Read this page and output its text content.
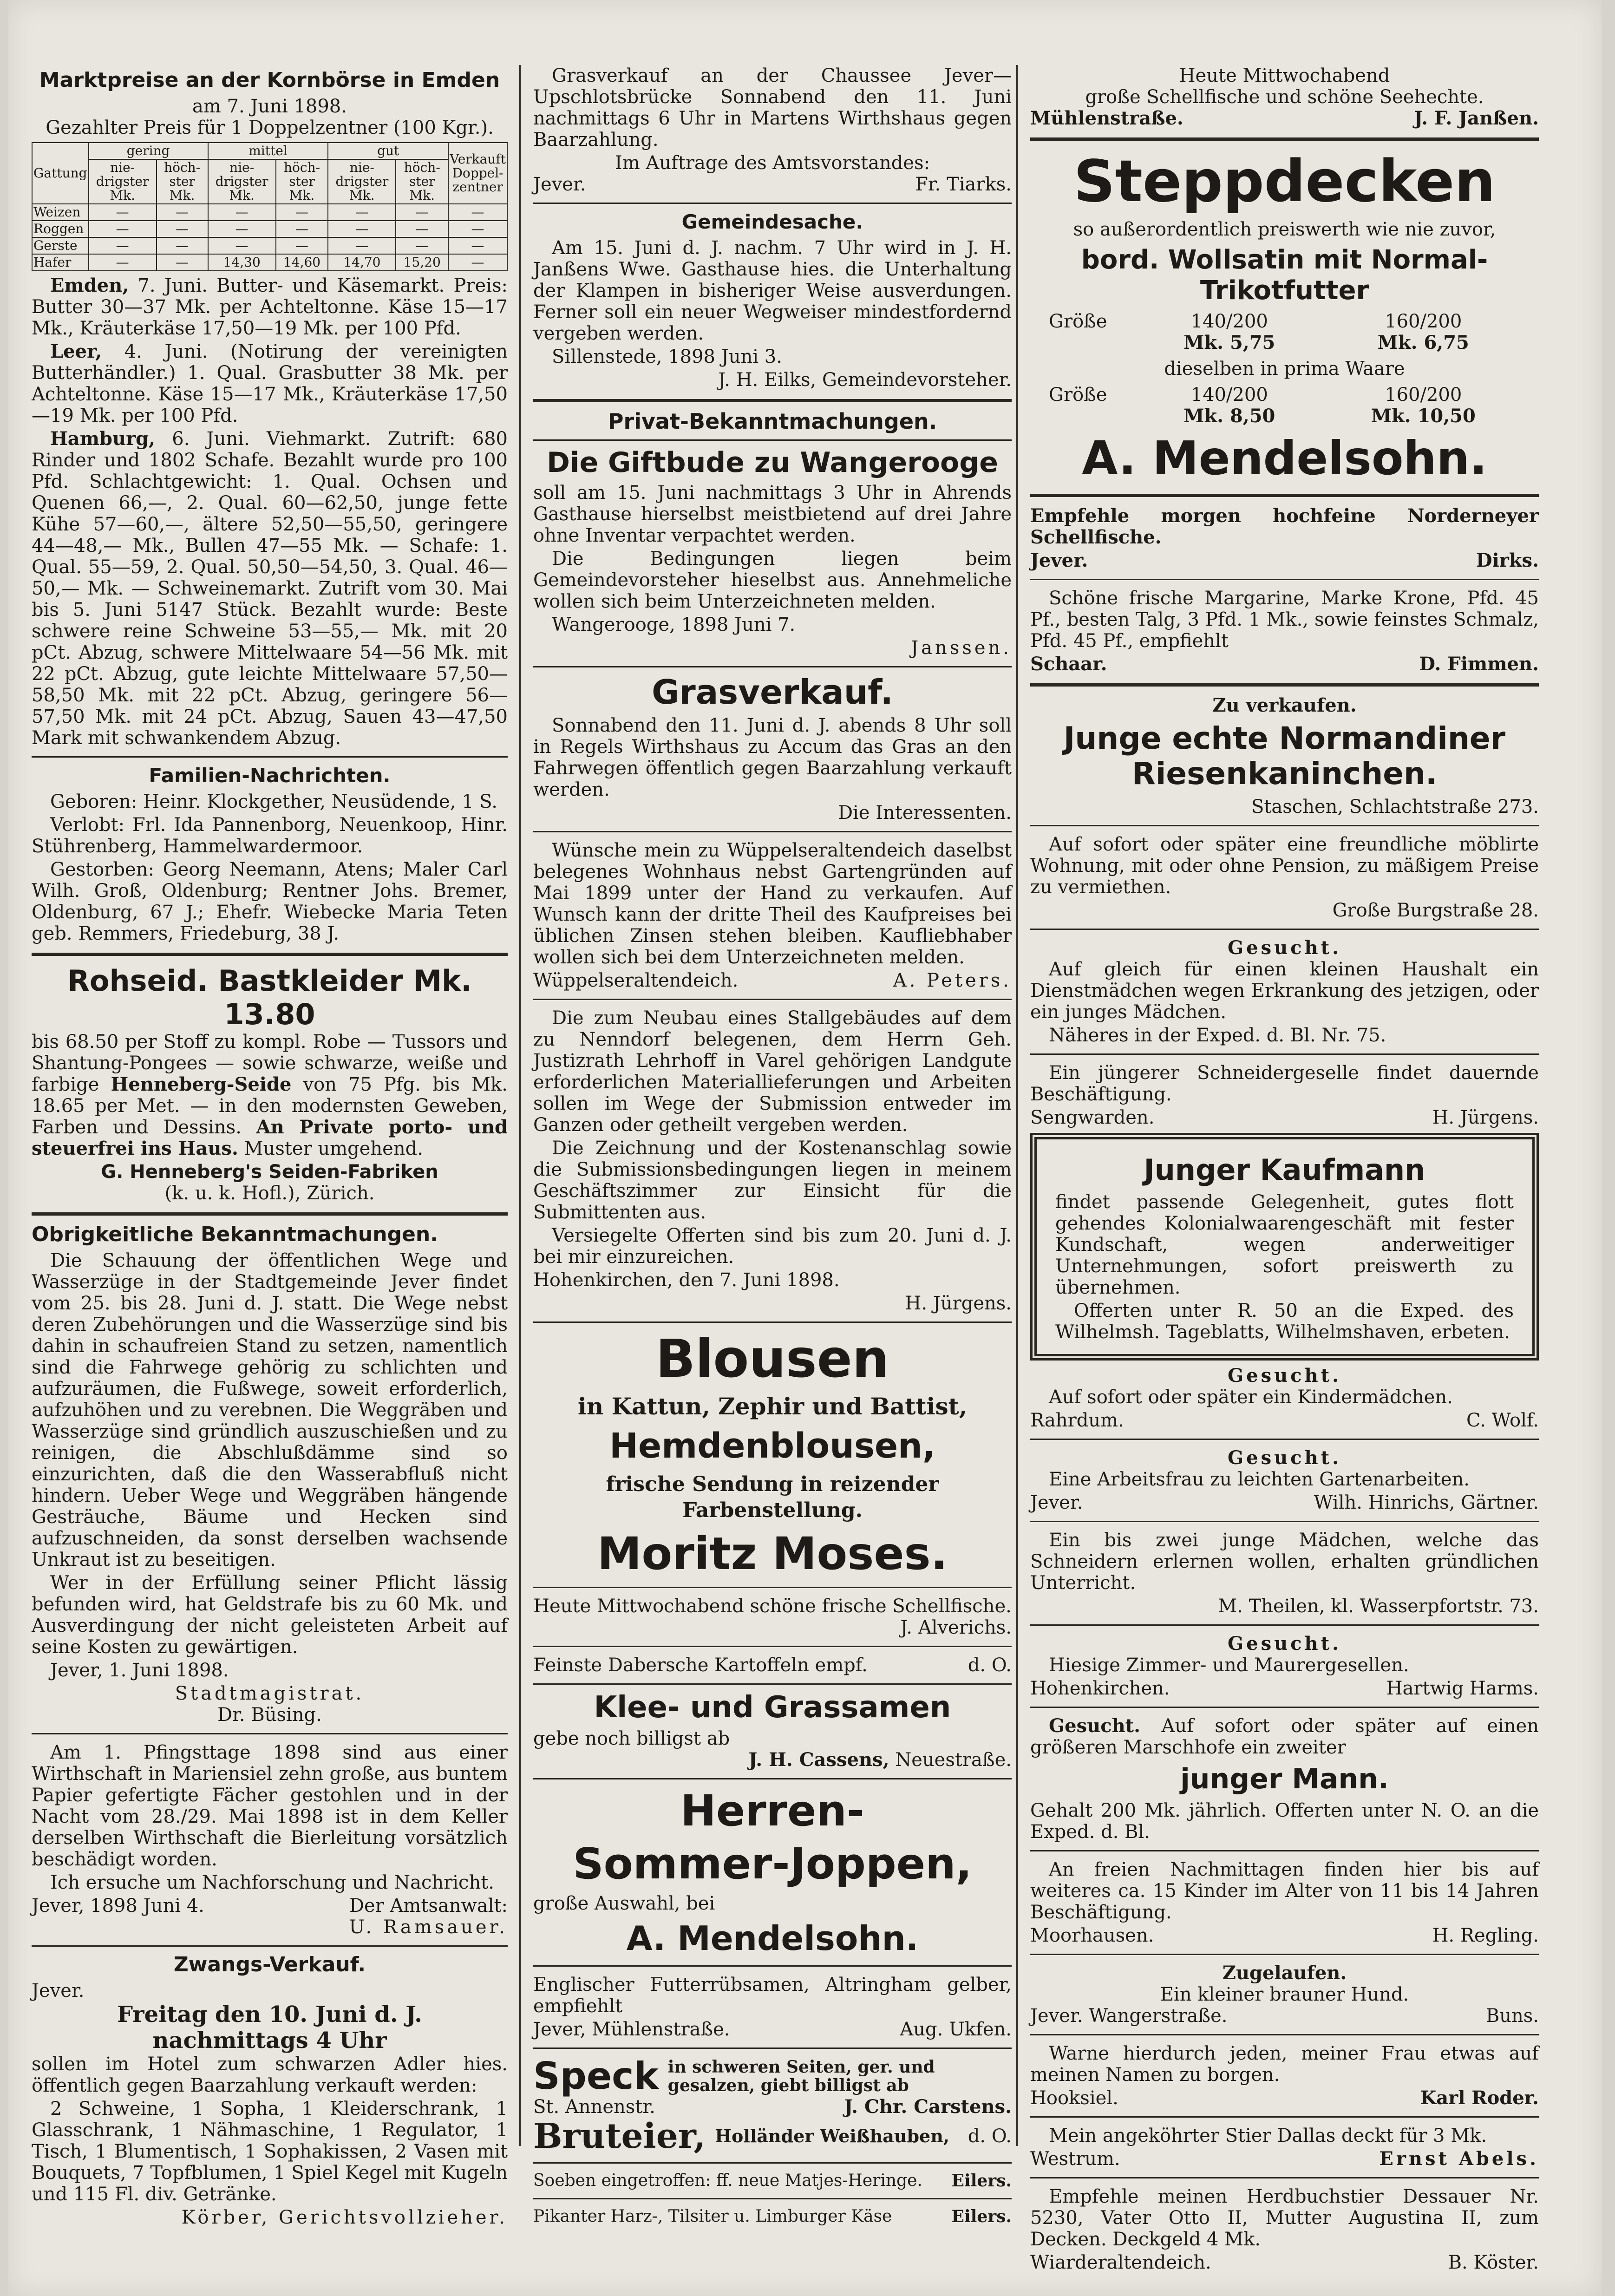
Marktpreise an der Kornbörse in Emden
am 7. Juni 1898.
Gezahlter Preis für 1 Doppelzentner (100 Kgr.).
Gattung	gering		mittel		gut		Verkauft Doppel- zentner
	nie- drigster Mk.	höch- ster Mk.	nie- drigster Mk.	höch- ster Mk.	nie- drigster Mk.	höch- ster Mk.	
Weizen	—	—	—	—	—	—	—
Roggen	—	—	—	—	—	—	—
Gerste	—	—	—	—	—	—	—
Hafer	—	—	14,30	14,60	14,70	15,20	—

Emden, 7. Juni. Butter- und Käsemarkt. Preis: Butter 30—37 Mk. per Achteltonne. Käse 15—17 Mk., Kräuterkäse 17,50—19 Mk. per 100 Pfd.

Leer, 4. Juni. (Notirung der vereinigten Butterhändler.) 1. Qual. Grasbutter 38 Mk. per Achteltonne. Käse 15—17 Mk., Kräuterkäse 17,50—19 Mk. per 100 Pfd.

Hamburg, 6. Juni. Viehmarkt. Zutrift: 680 Rinder und 1802 Schafe. Bezahlt wurde pro 100 Pfd. Schlachtgewicht: 1. Qual. Ochsen und Quenen 66,—, 2. Qual. 60—62,50, junge fette Kühe 57—60,—, ältere 52,50—55,50, geringere 44—48,— Mk., Bullen 47—55 Mk. — Schafe: 1. Qual. 55—59, 2. Qual. 50,50—54,50, 3. Qual. 46—50,— Mk. — Schweinemarkt. Zutrift vom 30. Mai bis 5. Juni 5147 Stück. Bezahlt wurde: Beste schwere reine Schweine 53—55,— Mk. mit 20 pCt. Abzug, schwere Mittelwaare 54—56 Mk. mit 22 pCt. Abzug, gute leichte Mittelwaare 57,50—58,50 Mk. mit 22 pCt. Abzug, geringere 56—57,50 Mk. mit 24 pCt. Abzug, Sauen 43—47,50 Mark mit schwankendem Abzug.

Familien-Nachrichten.

Geboren: Heinr. Klockgether, Neusüdende, 1 S.

Verlobt: Frl. Ida Pannenborg, Neuenkoop, Hinr. Stührenberg, Hammelwardermoor.

Gestorben: Georg Neemann, Atens; Maler Carl Wilh. Groß, Oldenburg; Rentner Johs. Bremer, Oldenburg, 67 J.; Ehefr. Wiebecke Maria Teten geb. Remmers, Friedeburg, 38 J.

Rohseid. Bastkleider Mk. 13.80

bis 68.50 per Stoff zu kompl. Robe — Tussors und Shantung-Pongees — sowie schwarze, weiße und farbige Henneberg-Seide von 75 Pfg. bis Mk. 18.65 per Met. — in den modernsten Geweben, Farben und Dessins. An Private porto- und steuerfrei ins Haus. Muster umgehend.

G. Henneberg's Seiden-Fabriken
(k. u. k. Hofl.), Zürich.
Obrigkeitliche Bekanntmachungen.

Die Schauung der öffentlichen Wege und Wasserzüge in der Stadtgemeinde Jever findet vom 25. bis 28. Juni d. J. statt. Die Wege nebst deren Zubehörungen und die Wasserzüge sind bis dahin in schaufreien Stand zu setzen, namentlich sind die Fahrwege gehörig zu schlichten und aufzuräumen, die Fußwege, soweit erforderlich, aufzuhöhen und zu verebnen. Die Weggräben und Wasserzüge sind gründlich auszuschießen und zu reinigen, die Abschlußdämme sind so einzurichten, daß die den Wasserabfluß nicht hindern. Ueber Wege und Weggräben hängende Gesträuche, Bäume und Hecken sind aufzuschneiden, da sonst derselben wachsende Unkraut ist zu beseitigen.

Wer in der Erfüllung seiner Pflicht lässig befunden wird, hat Geldstrafe bis zu 60 Mk. und Ausverdingung der nicht geleisteten Arbeit auf seine Kosten zu gewärtigen.

Jever, 1. Juni 1898.

Stadtmagistrat.
Dr. Büsing.

Am 1. Pfingsttage 1898 sind aus einer Wirthschaft in Mariensiel zehn große, aus buntem Papier gefertigte Fächer gestohlen und in der Nacht vom 28./29. Mai 1898 ist in dem Keller derselben Wirthschaft die Bierleitung vorsätzlich beschädigt worden.

Ich ersuche um Nachforschung und Nachricht.

Jever, 1898 Juni 4.	Der Amtsanwalt:
U. Ramsauer.
Zwangs-Verkauf.
Jever.
Freitag den 10. Juni d. J.
nachmittags 4 Uhr

sollen im Hotel zum schwarzen Adler hies. öffentlich gegen Baarzahlung verkauft werden:

2 Schweine, 1 Sopha, 1 Kleiderschrank, 1 Glasschrank, 1 Nähmaschine, 1 Regulator, 1 Tisch, 1 Blumentisch, 1 Sophakissen, 2 Vasen mit Bouquets, 7 Topfblumen, 1 Spiel Kegel mit Kugeln und 115 Fl. div. Getränke.

Körber, Gerichtsvollzieher.

Grasverkauf an der Chaussee Jever—Upschlotsbrücke Sonnabend den 11. Juni nachmittags 6 Uhr in Martens Wirthshaus gegen Baarzahlung.

Im Auftrage des Amtsvorstandes:
Jever.	Fr. Tiarks.
Gemeindesache.

Am 15. Juni d. J. nachm. 7 Uhr wird in J. H. Janßens Wwe. Gasthause hies. die Unterhaltung der Klampen in bisheriger Weise ausverdungen. Ferner soll ein neuer Wegweiser mindestfordernd vergeben werden.

Sillenstede, 1898 Juni 3.

J. H. Eilks, Gemeindevorsteher.
Privat-Bekanntmachungen.
Die Giftbude zu Wangerooge

soll am 15. Juni nachmittags 3 Uhr in Ahrends Gasthause hierselbst meistbietend auf drei Jahre ohne Inventar verpachtet werden.

Die Bedingungen liegen beim Gemeindevorsteher hieselbst aus. Annehmeliche wollen sich beim Unterzeichneten melden.

Wangerooge, 1898 Juni 7.

Janssen.
Grasverkauf.

Sonnabend den 11. Juni d. J. abends 8 Uhr soll in Regels Wirthshaus zu Accum das Gras an den Fahrwegen öffentlich gegen Baarzahlung verkauft werden.

Die Interessenten.

Wünsche mein zu Wüppelseraltendeich daselbst belegenes Wohnhaus nebst Gartengründen auf Mai 1899 unter der Hand zu verkaufen. Auf Wunsch kann der dritte Theil des Kaufpreises bei üblichen Zinsen stehen bleiben. Kaufliebhaber wollen sich bei dem Unterzeichneten melden.

Wüppelseraltendeich.	A. Peters.

Die zum Neubau eines Stallgebäudes auf dem zu Nenndorf belegenen, dem Herrn Geh. Justizrath Lehrhoff in Varel gehörigen Landgute erforderlichen Materiallieferungen und Arbeiten sollen im Wege der Submission entweder im Ganzen oder getheilt vergeben werden.

Die Zeichnung und der Kostenanschlag sowie die Submissionsbedingungen liegen in meinem Geschäftszimmer zur Einsicht für die Submittenten aus.

Versiegelte Offerten sind bis zum 20. Juni d. J. bei mir einzureichen.

Hohenkirchen, den 7. Juni 1898.

H. Jürgens.
Blousen
in Kattun, Zephir und Battist,
Hemdenblousen,
frische Sendung in reizender Farbenstellung.
Moritz Moses.
Heute Mittwochabend schöne frische Schellfische.
J. Alverichs.
Feinste Dabersche Kartoffeln empf.	d. O.
Klee- und Grassamen
gebe noch billigst ab
J. H. Cassens, Neuestraße.
Herren-
Sommer-Joppen,
große Auswahl, bei
A. Mendelsohn.

Englischer Futterrübsamen, Altringham gelber, empfiehlt

Jever, Mühlenstraße.	Aug. Ukfen.
Speck in schweren Seiten, ger. und gesalzen, giebt billigst ab
St. Annenstr.	J. Chr. Carstens.
Bruteier, Holländer Weißhauben, d. O.
Soeben eingetroffen: ff. neue Matjes-Heringe. Eilers.
Pikanter Harz-, Tilsiter u. Limburger Käse	Eilers.
Heute Mittwochabend
große Schellfische und schöne Seehechte.
Mühlenstraße.	J. F. Janßen.
Steppdecken
so außerordentlich preiswerth wie nie zuvor,
bord. Wollsatin mit Normal-Trikotfutter
Größe	140/200	160/200
Mk. 5,75	Mk. 6,75
dieselben in prima Waare
Größe	140/200	160/200
Mk. 8,50	Mk. 10,50
A. Mendelsohn.

Empfehle morgen hochfeine Norderneyer Schellfische.

Jever.	Dirks.

Schöne frische Margarine, Marke Krone, Pfd. 45 Pf., besten Talg, 3 Pfd. 1 Mk., sowie feinstes Schmalz, Pfd. 45 Pf., empfiehlt

Schaar.	D. Fimmen.
Zu verkaufen.
Junge echte Normandiner Riesenkaninchen.
Staschen, Schlachtstraße 273.

Auf sofort oder später eine freundliche möblirte Wohnung, mit oder ohne Pension, zu mäßigem Preise zu vermiethen.

Große Burgstraße 28.
Gesucht.

Auf gleich für einen kleinen Haushalt ein Dienstmädchen wegen Erkrankung des jetzigen, oder ein junges Mädchen.

Näheres in der Exped. d. Bl. Nr. 75.

Ein jüngerer Schneidergeselle findet dauernde Beschäftigung.

Sengwarden.	H. Jürgens.
Junger Kaufmann

findet passende Gelegenheit, gutes flott gehendes Kolonialwaarengeschäft mit fester Kundschaft, wegen anderweitiger Unternehmungen, sofort preiswerth zu übernehmen.

Offerten unter R. 50 an die Exped. des Wilhelmsh. Tageblatts, Wilhelmshaven, erbeten.

Gesucht.

Auf sofort oder später ein Kindermädchen.

Rahrdum.	C. Wolf.
Gesucht.

Eine Arbeitsfrau zu leichten Gartenarbeiten.

Jever.	Wilh. Hinrichs, Gärtner.

Ein bis zwei junge Mädchen, welche das Schneidern erlernen wollen, erhalten gründlichen Unterricht.

M. Theilen, kl. Wasserpfortstr. 73.
Gesucht.

Hiesige Zimmer- und Maurergesellen.

Hohenkirchen.	Hartwig Harms.

Gesucht. Auf sofort oder später auf einen größeren Marschhofe ein zweiter

junger Mann.

Gehalt 200 Mk. jährlich. Offerten unter N. O. an die Exped. d. Bl.

An freien Nachmittagen finden hier bis auf weiteres ca. 15 Kinder im Alter von 11 bis 14 Jahren Beschäftigung.

Moorhausen.	H. Regling.
Zugelaufen.
Ein kleiner brauner Hund.
Jever. Wangerstraße.	Buns.

Warne hierdurch jeden, meiner Frau etwas auf meinen Namen zu borgen.

Hooksiel.	Karl Roder.

Mein angeköhrter Stier Dallas deckt für 3 Mk.

Westrum.	Ernst Abels.

Empfehle meinen Herdbuchstier Dessauer Nr. 5230, Vater Otto II, Mutter Augustina II, zum Decken. Deckgeld 4 Mk.

Wiarderaltendeich.	B. Köster.
